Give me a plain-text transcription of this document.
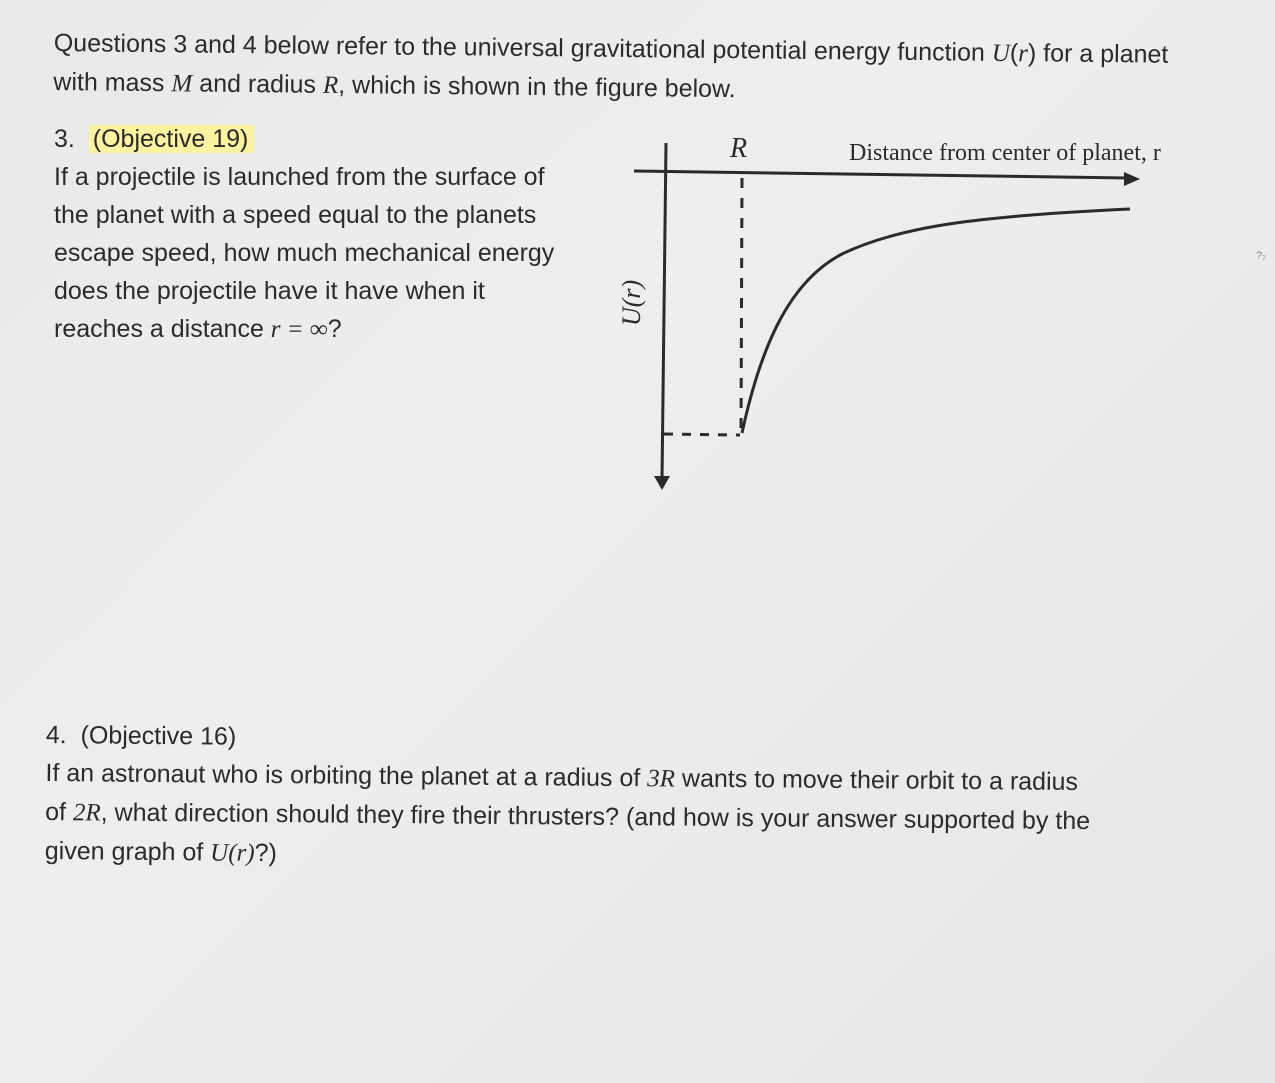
Questions 3 and 4 below refer to the universal gravitational potential energy function U(r) for a planet with mass M and radius R, which is shown in the figure below.
3. (Objective 19)
If a projectile is launched from the surface of
the planet with a speed equal to the planets
escape speed, how much mechanical energy
does the projectile have it have when it
reaches a distance r = ∞?
R	Distance from center of planet, r
U(r)
4. (Objective 16)
If an astronaut who is orbiting the planet at a radius of 3R wants to move their orbit to a radius
of 2R, what direction should they fire their thrusters? (and how is your answer supported by the
given graph of U(r)?)
?₇
